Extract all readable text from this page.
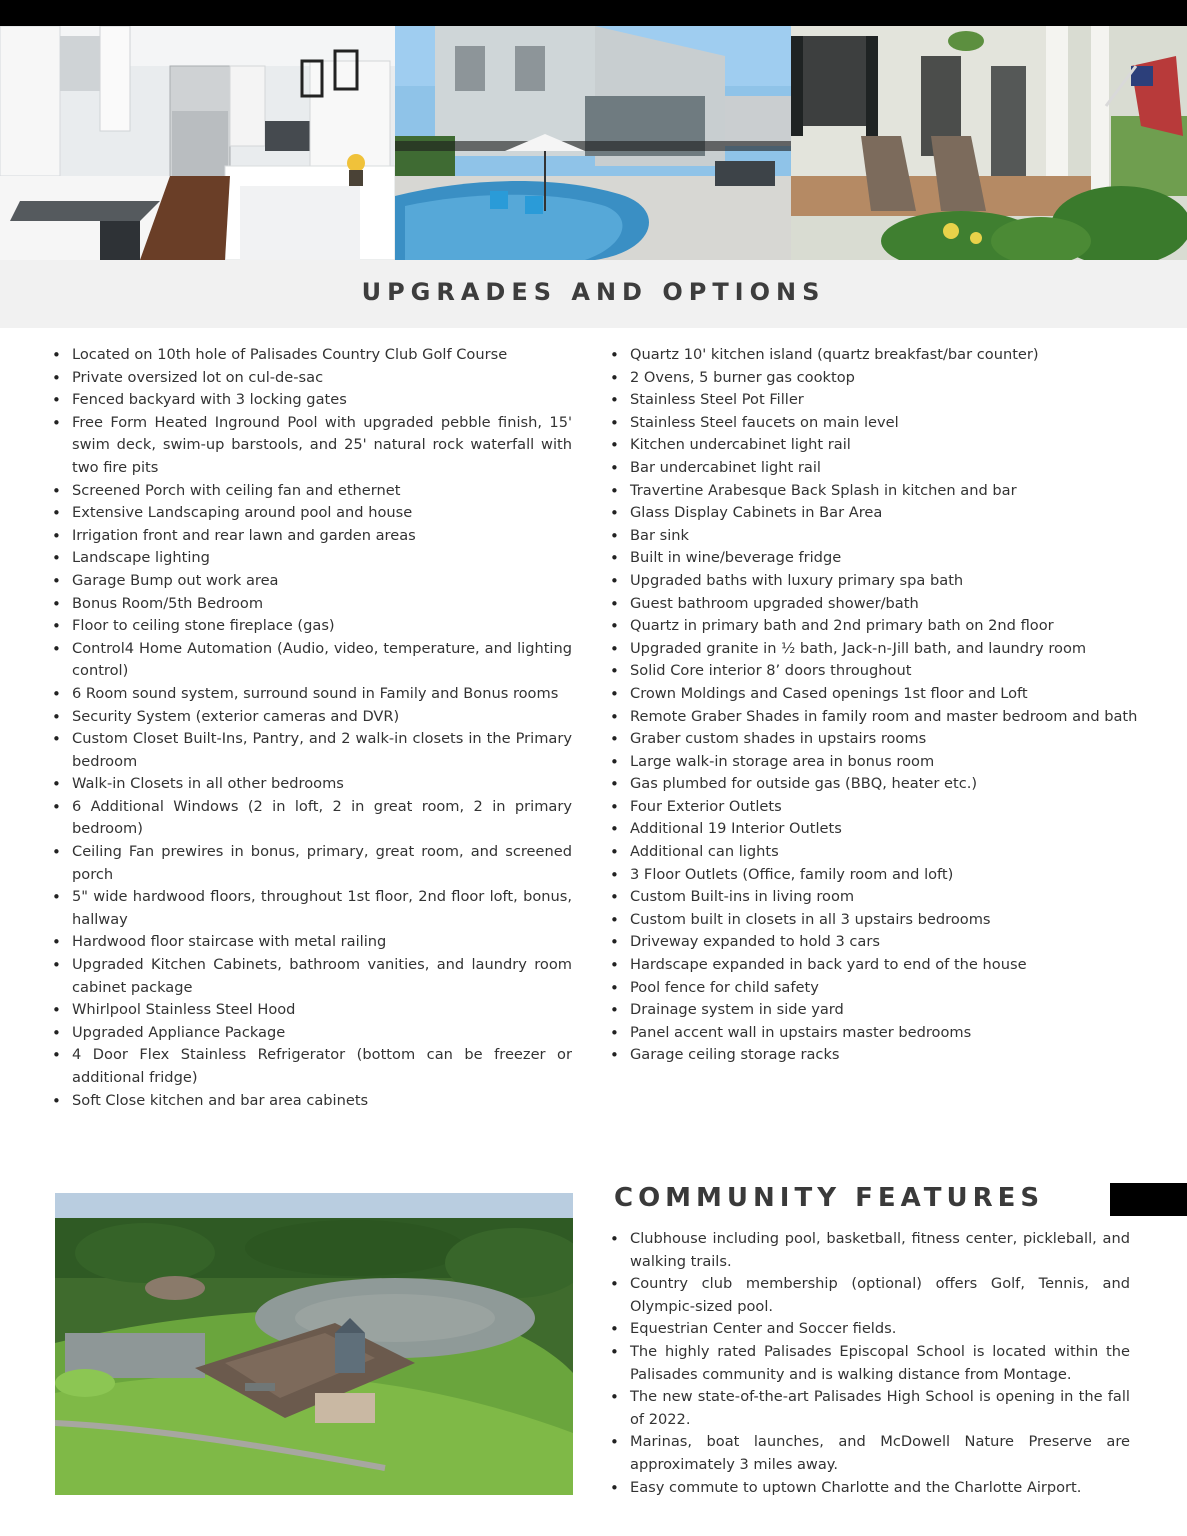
UPGRADES AND OPTIONS
• Located on 10th hole of Palisades Country Club Golf Course
• Private oversized lot on cul-de-sac
• Fenced backyard with 3 locking gates
• Free Form Heated Inground Pool with upgraded pebble finish, 15' swim deck, swim-up barstools, and 25' natural rock waterfall with two fire pits
• Screened Porch with ceiling fan and ethernet
• Extensive Landscaping around pool and house
• Irrigation front and rear lawn and garden areas
• Landscape lighting
• Garage Bump out work area
• Bonus Room/5th Bedroom
• Floor to ceiling stone fireplace (gas)
• Control4 Home Automation (Audio, video, temperature, and lighting control)
• 6 Room sound system, surround sound in Family and Bonus rooms
• Security System (exterior cameras and DVR)
• Custom Closet Built-Ins, Pantry, and 2 walk-in closets in the Primary bedroom
• Walk-in Closets in all other bedrooms
• 6 Additional Windows (2 in loft, 2 in great room, 2 in primary bedroom)
• Ceiling Fan prewires in bonus, primary, great room, and screened porch
• 5" wide hardwood floors, throughout 1st floor, 2nd floor loft, bonus, hallway
• Hardwood floor staircase with metal railing
• Upgraded Kitchen Cabinets, bathroom vanities, and laundry room cabinet package
• Whirlpool Stainless Steel Hood
• Upgraded Appliance Package
• 4 Door Flex Stainless Refrigerator (bottom can be freezer or additional fridge)
• Soft Close kitchen and bar area cabinets
• Quartz 10' kitchen island (quartz breakfast/bar counter)
• 2 Ovens, 5 burner gas cooktop
• Stainless Steel Pot Filler
• Stainless Steel faucets on main level
• Kitchen undercabinet light rail
• Bar undercabinet light rail
• Travertine Arabesque Back Splash in kitchen and bar
• Glass Display Cabinets in Bar Area
• Bar sink
• Built in wine/beverage fridge
• Upgraded baths with luxury primary spa bath
• Guest bathroom upgraded shower/bath
• Quartz in primary bath and 2nd primary bath on 2nd floor
• Upgraded granite in ½ bath, Jack-n-Jill bath, and laundry room
• Solid Core interior 8’ doors throughout
• Crown Moldings and Cased openings 1st floor and Loft
• Remote Graber Shades in family room and master bedroom and bath
• Graber custom shades in upstairs rooms
• Large walk-in storage area in bonus room
• Gas plumbed for outside gas (BBQ, heater etc.)
• Four Exterior Outlets
• Additional 19 Interior Outlets
• Additional can lights
• 3 Floor Outlets (Office, family room and loft)
• Custom Built-ins in living room
• Custom built in closets in all 3 upstairs bedrooms
• Driveway expanded to hold 3 cars
• Hardscape expanded in back yard to end of the house
• Pool fence for child safety
• Drainage system in side yard
• Panel accent wall in upstairs master bedrooms
• Garage ceiling storage racks
COMMUNITY FEATURES
• Clubhouse including pool, basketball, fitness center, pickleball, and walking trails.
• Country club membership (optional) offers Golf, Tennis, and Olympic-sized pool.
• Equestrian Center and Soccer fields.
• The highly rated Palisades Episcopal School is located within the Palisades community and is walking distance from Montage.
• The new state-of-the-art Palisades High School is opening in the fall of 2022.
• Marinas, boat launches, and McDowell Nature Preserve are approximately 3 miles away.
• Easy commute to uptown Charlotte and the Charlotte Airport.
